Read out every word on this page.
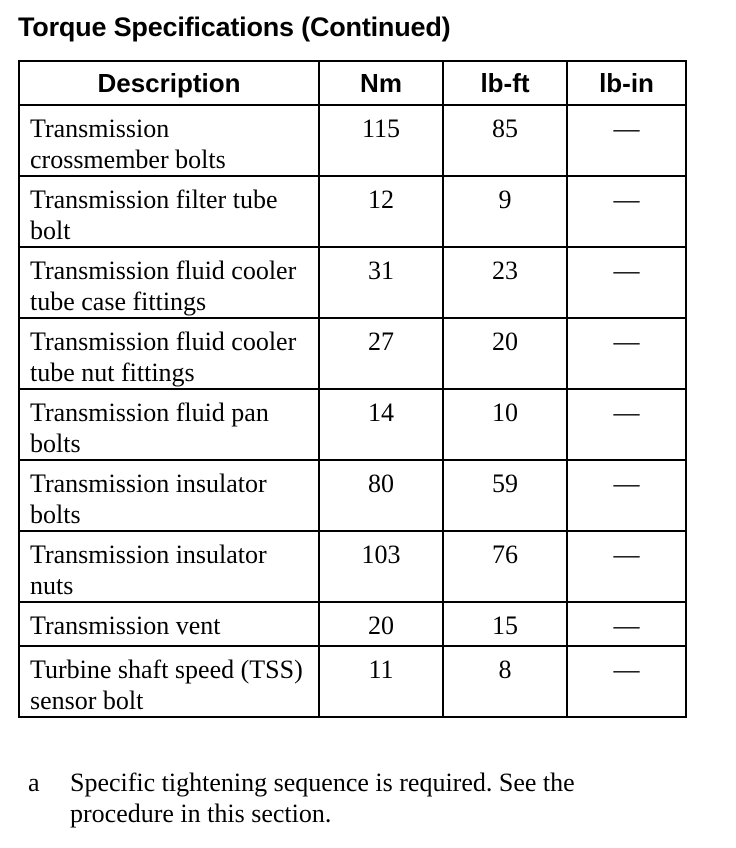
Torque Specifications (Continued)
Description	Nm	lb-ft	lb-in
Transmission crossmember bolts	115	85	—
Transmission filter tube bolt	12	9	—
Transmission fluid cooler tube case fittings	31	23	—
Transmission fluid cooler tube nut fittings	27	20	—
Transmission fluid pan bolts	14	10	—
Transmission insulator bolts	80	59	—
Transmission insulator nuts	103	76	—
Transmission vent	20	15	—
Turbine shaft speed (TSS) sensor bolt	11	8	—
a Specific tightening sequence is required. See the procedure in this section.
